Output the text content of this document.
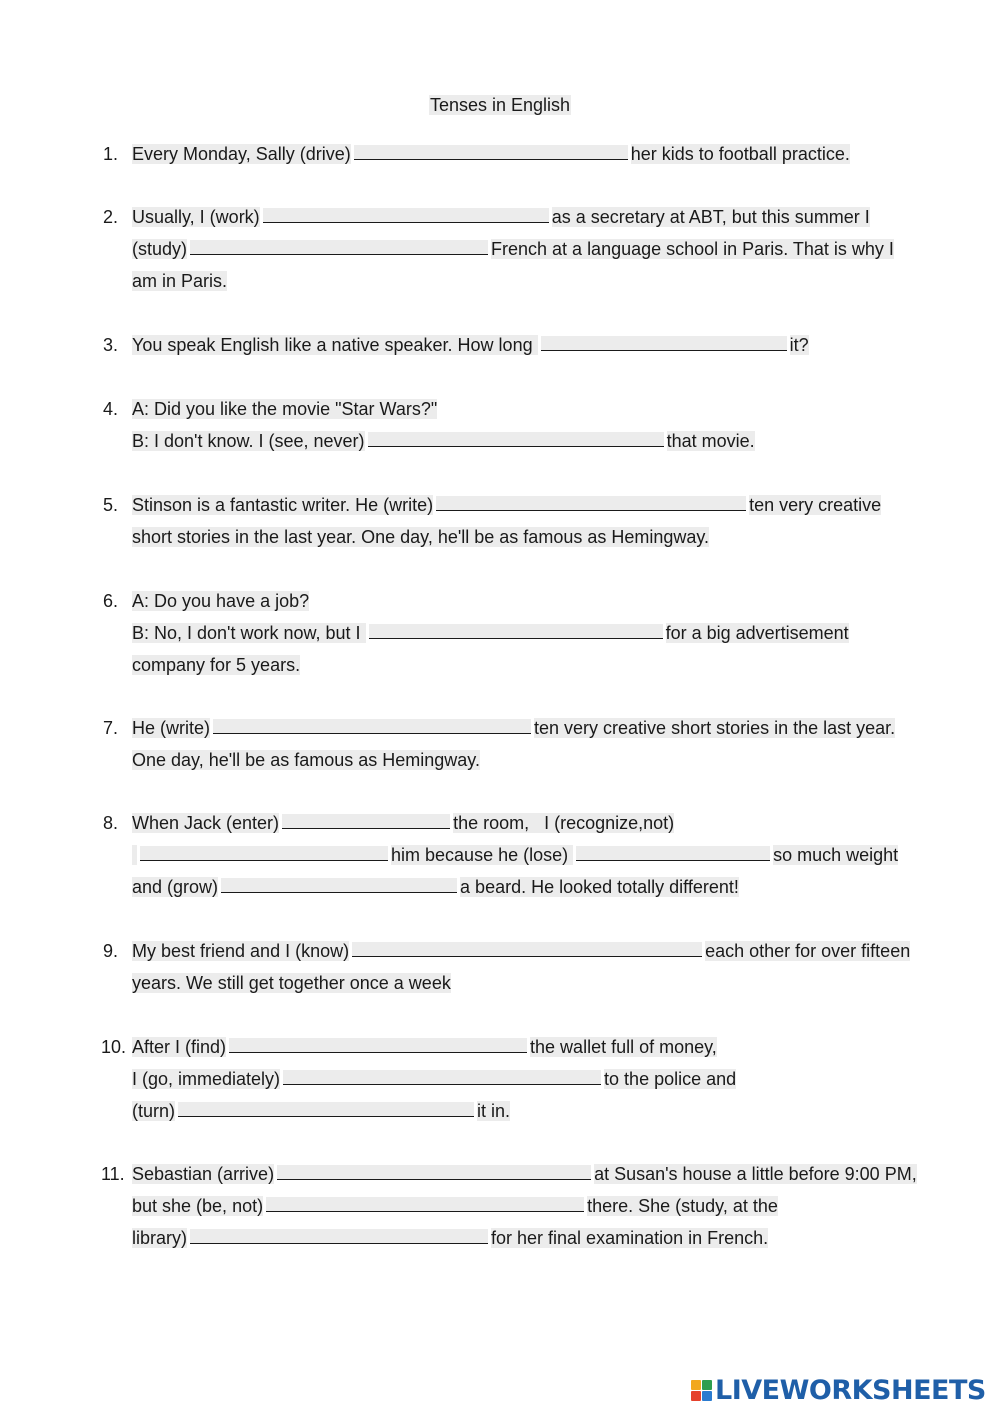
Tenses in English
1. Every Monday, Sally (drive)	her kids to football practice.
2. Usually, I (work)	as a secretary at ABT, but this summer I
(study)	French at a language school in Paris. That is why I
am in Paris.
3. You speak English like a native speaker. How long	it?
4. A: Did you like the movie "Star Wars?"
B: I don't know. I (see, never)	that movie.
5. Stinson is a fantastic writer. He (write)	ten very creative
short stories in the last year. One day, he'll be as famous as Hemingway.
6. A: Do you have a job?
B: No, I don't work now, but I	for a big advertisement
company for 5 years.
7. He (write)	ten very creative short stories in the last year.
One day, he'll be as famous as Hemingway.
8. When Jack (enter)	the room,   I (recognize,not)
him because he (lose)	so much weight
and (grow)	a beard. He looked totally different!
9. My best friend and I (know)	each other for over fifteen
years. We still get together once a week
10. After I (find)	the wallet full of money,
I (go, immediately)	to the police and
(turn)	it in.
11. Sebastian (arrive)	at Susan's house a little before 9:00 PM,
but she (be, not)	there. She (study, at the
library)	for her final examination in French.
LIVEWORKSHEETS
